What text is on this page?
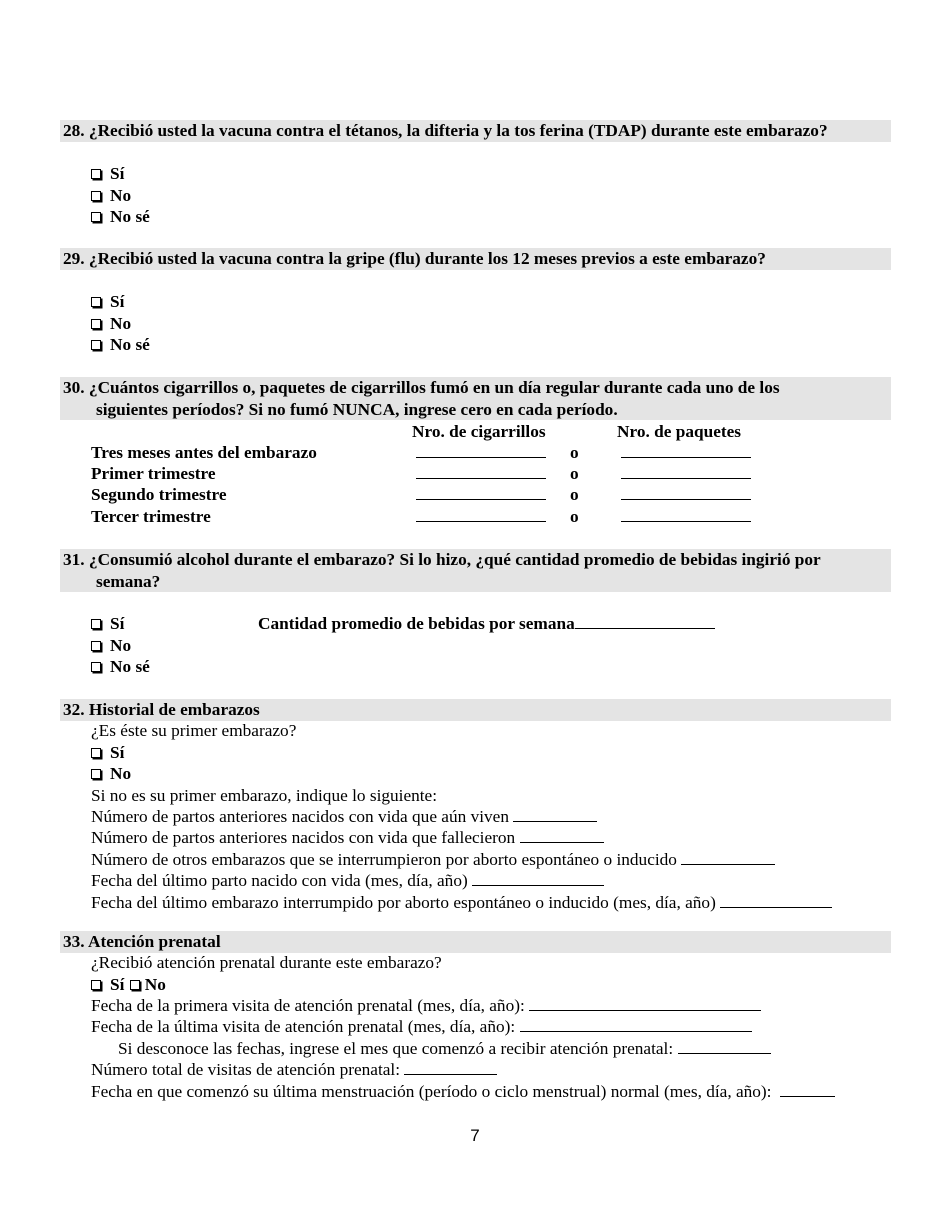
28. ¿Recibió usted la vacuna contra el tétanos, la difteria y la tos ferina (TDAP) durante este embarazo?
Sí
No
No sé
29. ¿Recibió usted la vacuna contra la gripe (flu) durante los 12 meses previos a este embarazo?
Sí
No
No sé
30. ¿Cuántos cigarrillos o, paquetes de cigarrillos fumó en un día regular durante cada uno de los
siguientes períodos? Si no fumó NUNCA, ingrese cero en cada período.
Nro. de cigarrillos	Nro. de paquetes
Tres meses antes del embarazo	o
Primer trimestre	o
Segundo trimestre	o
Tercer trimestre	o
31. ¿Consumió alcohol durante el embarazo? Si lo hizo, ¿qué cantidad promedio de bebidas ingirió por
semana?
Sí	Cantidad promedio de bebidas por semana
No
No sé
32. Historial de embarazos
¿Es éste su primer embarazo?
Sí
No
Si no es su primer embarazo, indique lo siguiente:
Número de partos anteriores nacidos con vida que aún viven
Número de partos anteriores nacidos con vida que fallecieron
Número de otros embarazos que se interrumpieron por aborto espontáneo o inducido
Fecha del último parto nacido con vida (mes, día, año)
Fecha del último embarazo interrumpido por aborto espontáneo o inducido (mes, día, año)
33. Atención prenatal
¿Recibió atención prenatal durante este embarazo?
Sí No
Fecha de la primera visita de atención prenatal (mes, día, año):
Fecha de la última visita de atención prenatal (mes, día, año):
Si desconoce las fechas, ingrese el mes que comenzó a recibir atención prenatal:
Número total de visitas de atención prenatal:
Fecha en que comenzó su última menstruación (período o ciclo menstrual) normal (mes, día, año):
7
